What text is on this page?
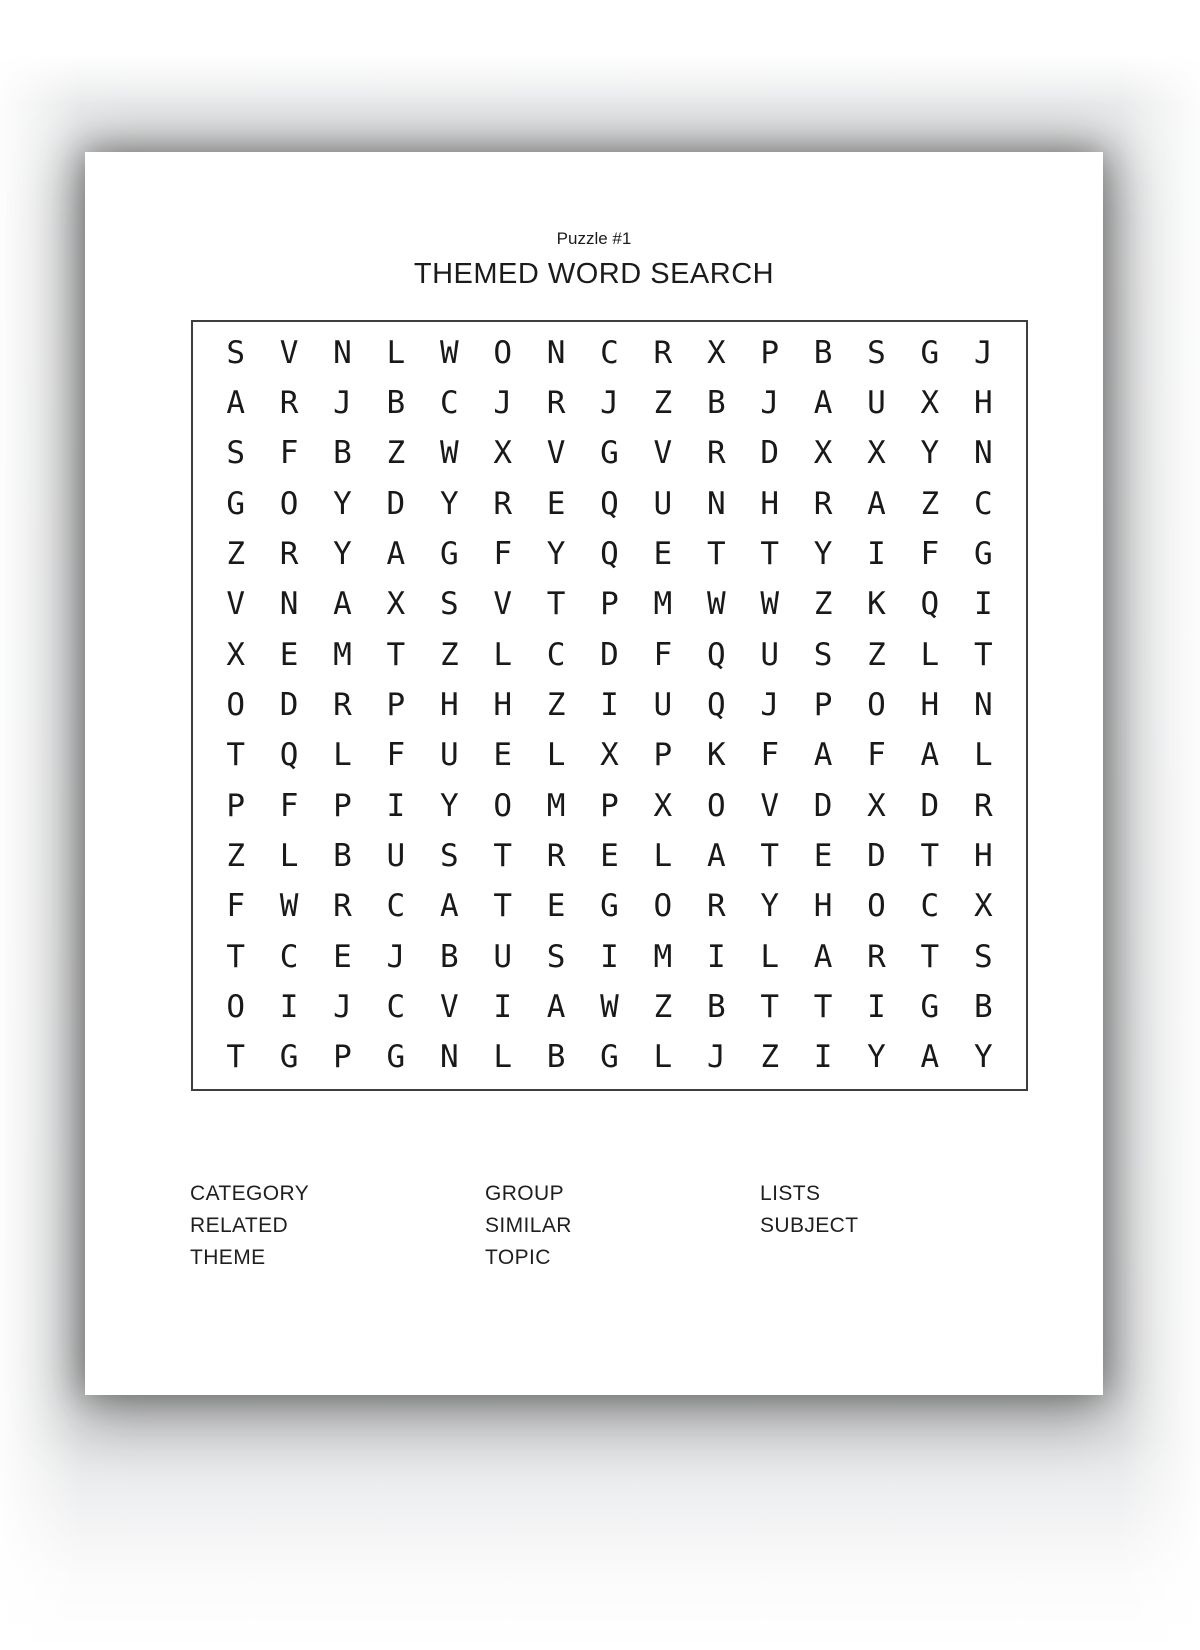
Puzzle #1
THEMED WORD SEARCH
S	V	N	L	W	O	N	C	R	X	P	B	S	G	J
A	R	J	B	C	J	R	J	Z	B	J	A	U	X	H
S	F	B	Z	W	X	V	G	V	R	D	X	X	Y	N
G	O	Y	D	Y	R	E	Q	U	N	H	R	A	Z	C
Z	R	Y	A	G	F	Y	Q	E	T	T	Y	I	F	G
V	N	A	X	S	V	T	P	M	W	W	Z	K	Q	I
X	E	M	T	Z	L	C	D	F	Q	U	S	Z	L	T
O	D	R	P	H	H	Z	I	U	Q	J	P	O	H	N
T	Q	L	F	U	E	L	X	P	K	F	A	F	A	L
P	F	P	I	Y	O	M	P	X	O	V	D	X	D	R
Z	L	B	U	S	T	R	E	L	A	T	E	D	T	H
F	W	R	C	A	T	E	G	O	R	Y	H	O	C	X
T	C	E	J	B	U	S	I	M	I	L	A	R	T	S
O	I	J	C	V	I	A	W	Z	B	T	T	I	G	B
T	G	P	G	N	L	B	G	L	J	Z	I	Y	A	Y
CATEGORY
RELATED
THEME
GROUP
SIMILAR
TOPIC
LISTS
SUBJECT
